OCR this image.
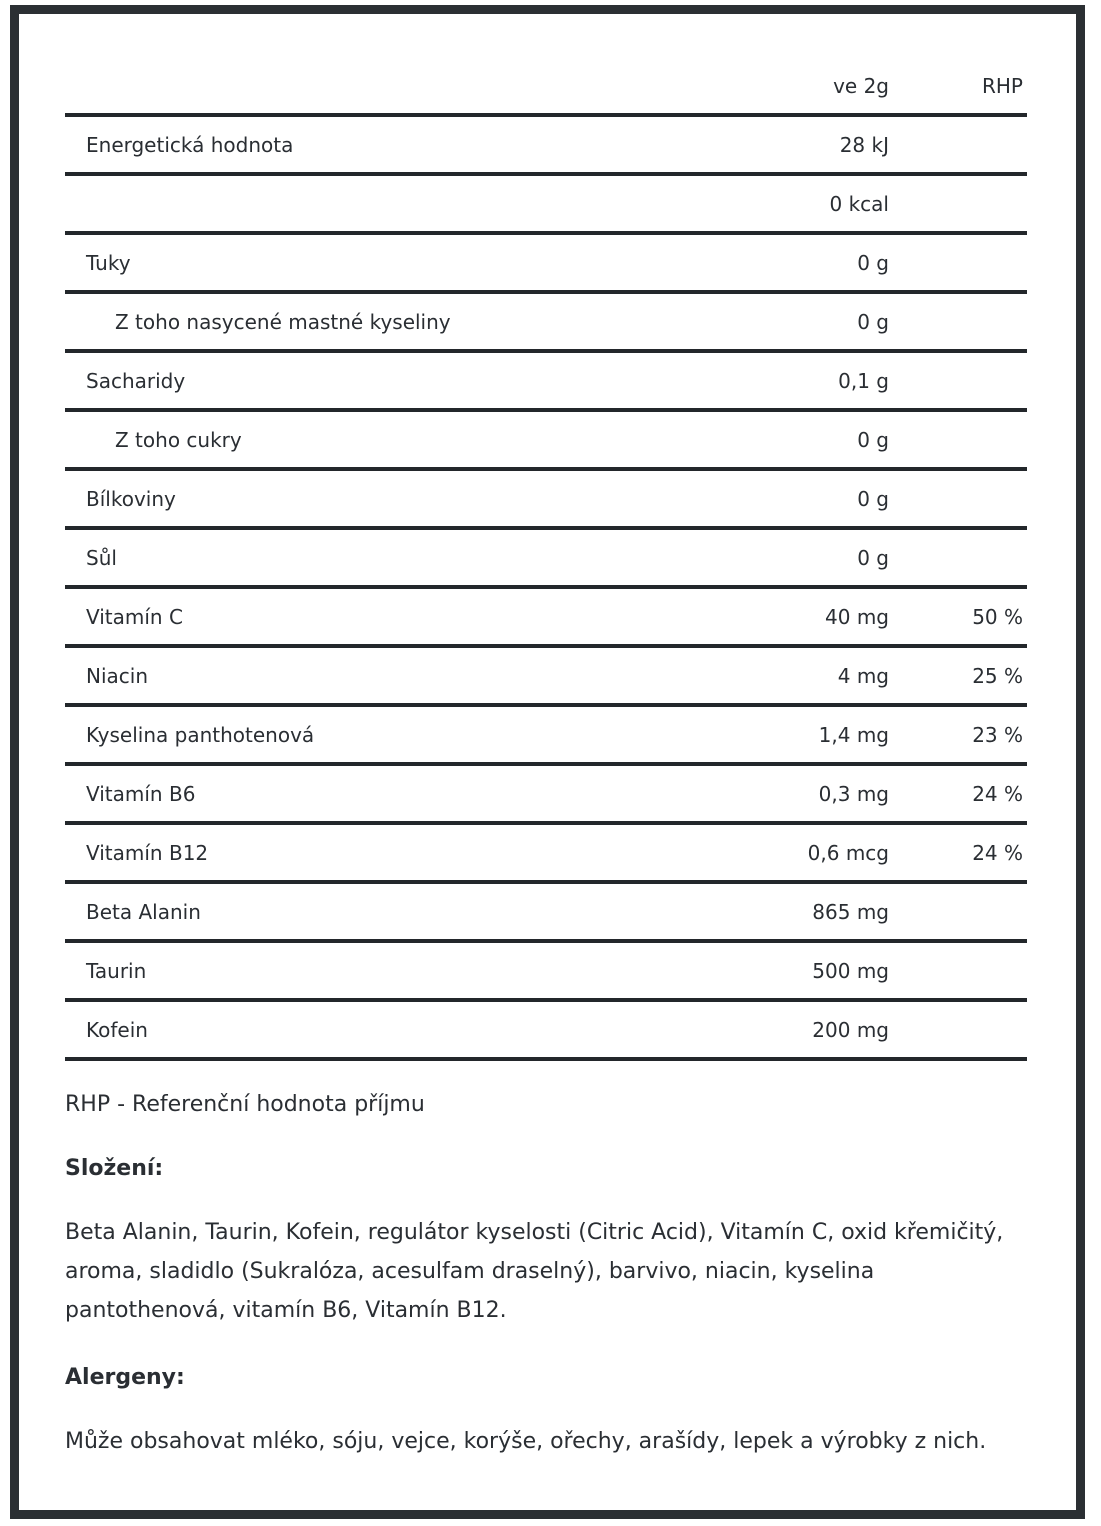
	ve 2g	RHP
Energetická hodnota	28 kJ	
	0 kcal	
Tuky	0 g	
Z toho nasycené mastné kyseliny	0 g	
Sacharidy	0,1 g	
Z toho cukry	0 g	
Bílkoviny	0 g	
Sůl	0 g	
Vitamín C	40 mg	50 %
Niacin	4 mg	25 %
Kyselina panthotenová	1,4 mg	23 %
Vitamín B6	0,3 mg	24 %
Vitamín B12	0,6 mcg	24 %
Beta Alanin	865 mg	
Taurin	500 mg	
Kofein	200 mg	
RHP - Referenční hodnota příjmu
Složení:
Beta Alanin, Taurin, Kofein, regulátor kyselosti (Citric Acid), Vitamín C, oxid křemičitý, aroma, sladidlo (Sukralóza, acesulfam draselný), barvivo, niacin, kyselina pantothenová, vitamín B6, Vitamín B12.
Alergeny:
Může obsahovat mléko, sóju, vejce, korýše, ořechy, arašídy, lepek a výrobky z nich.
